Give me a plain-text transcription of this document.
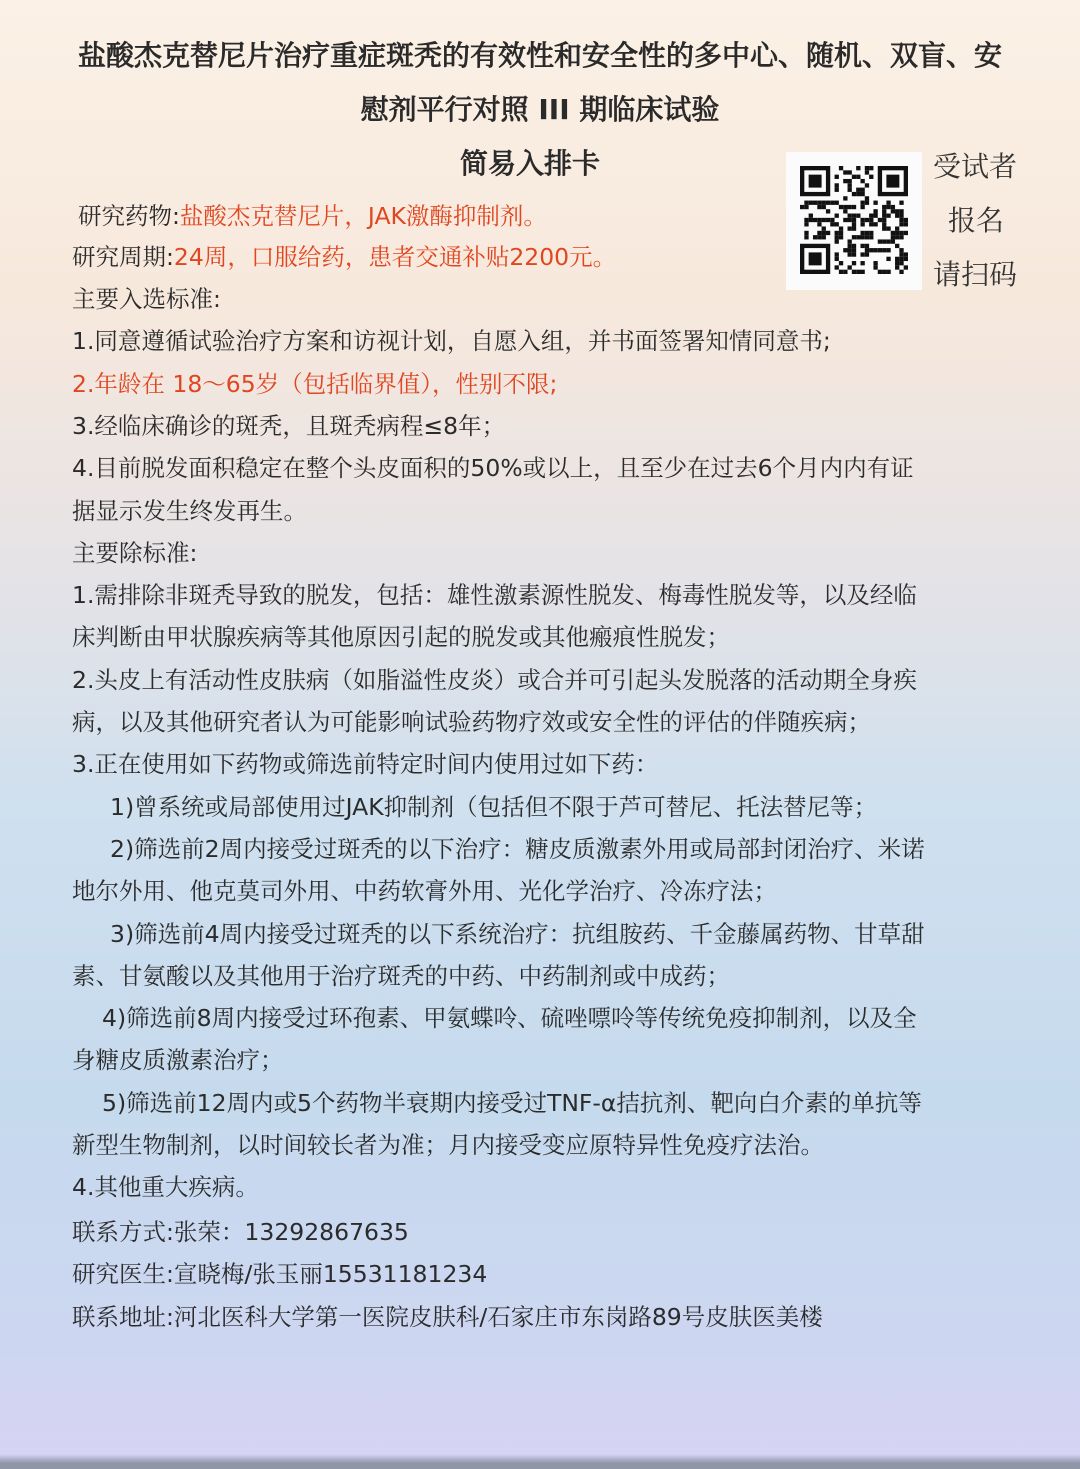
盐酸杰克替尼片治疗重症斑秃的有效性和安全性的多中心、随机、双盲、安
慰剂平行对照 III 期临床试验
简易入排卡	受试者
报名
请扫码
研究药物:盐酸杰克替尼片，JAK激酶抑制剂。
研究周期:24周，口服给药，患者交通补贴2200元。
主要入选标准:
1.同意遵循试验治疗方案和访视计划，自愿入组，并书面签署知情同意书;
2.年龄在 18～65岁（包括临界值），性别不限;
3.经临床确诊的斑秃，且斑秃病程≤8年；
4.目前脱发面积稳定在整个头皮面积的50%或以上，且至少在过去6个月内内有证
据显示发生终发再生。
主要除标准:
1.需排除非斑秃导致的脱发，包括：雄性激素源性脱发、梅毒性脱发等，以及经临
床判断由甲状腺疾病等其他原因引起的脱发或其他瘢痕性脱发；
2.头皮上有活动性皮肤病（如脂溢性皮炎）或合并可引起头发脱落的活动期全身疾
病，以及其他研究者认为可能影响试验药物疗效或安全性的评估的伴随疾病；
3.正在使用如下药物或筛选前特定时间内使用过如下药：
1)曾系统或局部使用过JAK抑制剂（包括但不限于芦可替尼、托法替尼等；
2)筛选前2周内接受过斑秃的以下治疗：糖皮质激素外用或局部封闭治疗、米诺
地尔外用、他克莫司外用、中药软膏外用、光化学治疗、冷冻疗法；
3)筛选前4周内接受过斑秃的以下系统治疗：抗组胺药、千金藤属药物、甘草甜
素、甘氨酸以及其他用于治疗斑秃的中药、中药制剂或中成药；
4)筛选前8周内接受过环孢素、甲氨蝶呤、硫唑嘌呤等传统免疫抑制剂，以及全
身糖皮质激素治疗；
5)筛选前12周内或5个药物半衰期内接受过TNF-α拮抗剂、靶向白介素的单抗等
新型生物制剂，以时间较长者为准；月内接受变应原特异性免疫疗法治。
4.其他重大疾病。
联系方式:张荣：13292867635
研究医生:宣晓梅/张玉丽15531181234
联系地址:河北医科大学第一医院皮肤科/石家庄市东岗路89号皮肤医美楼
